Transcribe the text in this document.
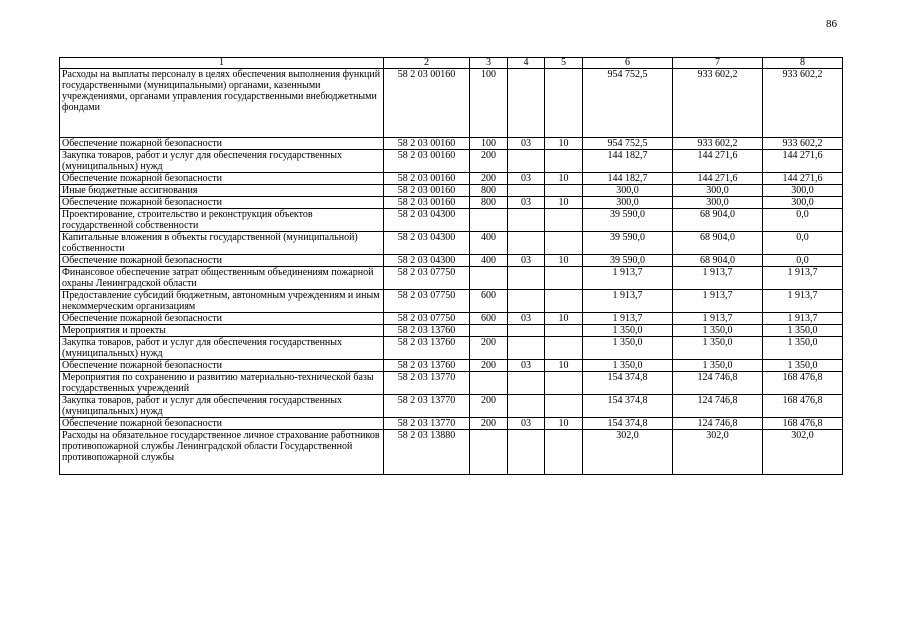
86
1	2	3	4	5	6	7	8
Расходы на выплаты персоналу в целях обеспечения выполнения функций государственными (муниципальными) органами, казенными учреждениями, органами управления государственными внебюджетными фондами	58 2 03 00160	100			954 752,5	933 602,2	933 602,2
Обеспечение пожарной безопасности	58 2 03 00160	100	03	10	954 752,5	933 602,2	933 602,2
Закупка товаров, работ и услуг для обеспечения государственных (муниципальных) нужд	58 2 03 00160	200			144 182,7	144 271,6	144 271,6
Обеспечение пожарной безопасности	58 2 03 00160	200	03	10	144 182,7	144 271,6	144 271,6
Иные бюджетные ассигнования	58 2 03 00160	800			300,0	300,0	300,0
Обеспечение пожарной безопасности	58 2 03 00160	800	03	10	300,0	300,0	300,0
Проектирование, строительство и реконструкция объектов государственной собственности	58 2 03 04300				39 590,0	68 904,0	0,0
Капитальные вложения в объекты государственной (муниципальной) собственности	58 2 03 04300	400			39 590,0	68 904,0	0,0
Обеспечение пожарной безопасности	58 2 03 04300	400	03	10	39 590,0	68 904,0	0,0
Финансовое обеспечение затрат общественным объединениям пожарной охраны Ленинградской области	58 2 03 07750				1 913,7	1 913,7	1 913,7
Предоставление субсидий бюджетным, автономным учреждениям и иным некоммерческим организациям	58 2 03 07750	600			1 913,7	1 913,7	1 913,7
Обеспечение пожарной безопасности	58 2 03 07750	600	03	10	1 913,7	1 913,7	1 913,7
Мероприятия и проекты	58 2 03 13760				1 350,0	1 350,0	1 350,0
Закупка товаров, работ и услуг для обеспечения государственных (муниципальных) нужд	58 2 03 13760	200			1 350,0	1 350,0	1 350,0
Обеспечение пожарной безопасности	58 2 03 13760	200	03	10	1 350,0	1 350,0	1 350,0
Мероприятия по сохранению и развитию материально-технической базы государственных учреждений	58 2 03 13770				154 374,8	124 746,8	168 476,8
Закупка товаров, работ и услуг для обеспечения государственных (муниципальных) нужд	58 2 03 13770	200			154 374,8	124 746,8	168 476,8
Обеспечение пожарной безопасности	58 2 03 13770	200	03	10	154 374,8	124 746,8	168 476,8
Расходы на обязательное государственное личное страхование работников противопожарной службы Ленинградской области Государственной противопожарной службы	58 2 03 13880				302,0	302,0	302,0
